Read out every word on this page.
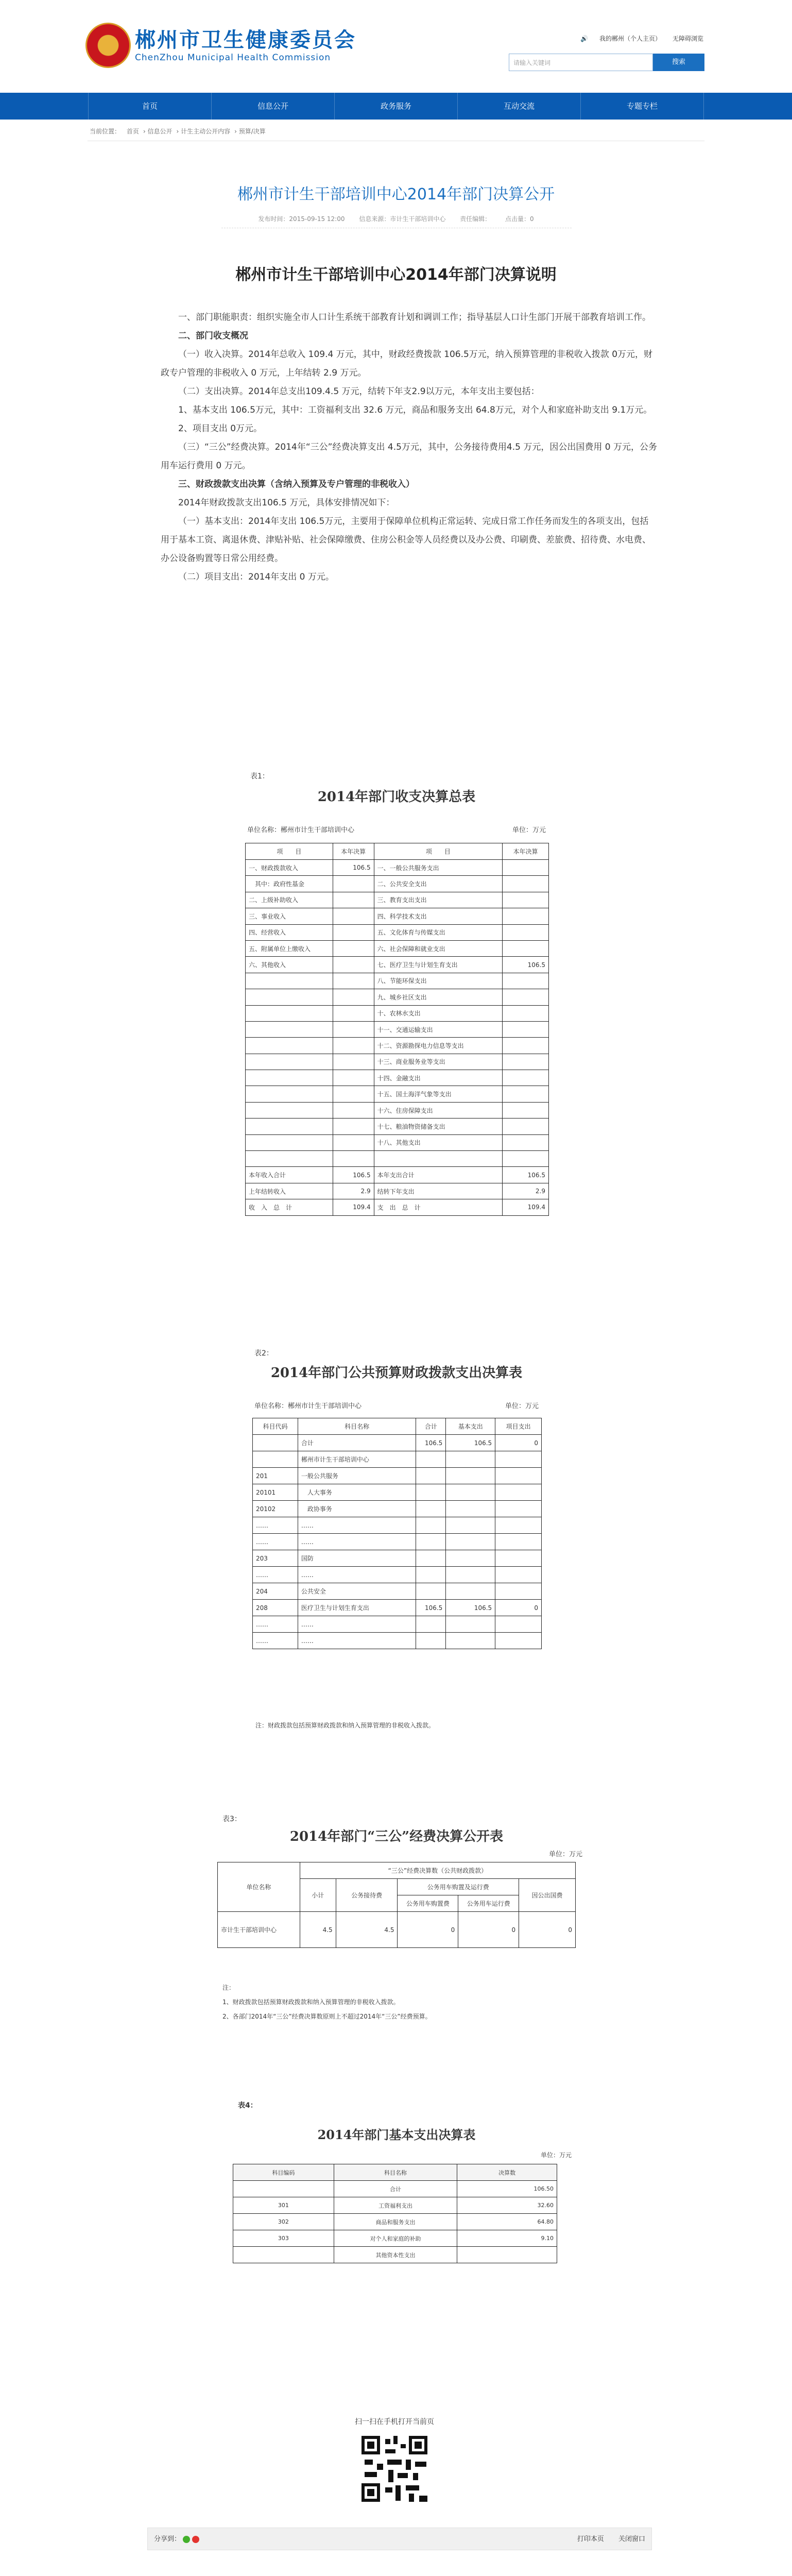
郴州市卫生健康委员会
ChenZhou Municipal Health Commission
🔊 我的郴州（个人主页） 无障碍浏览
请输入关键词	搜索
首页	信息公开	政务服务	互动交流	专题专栏
当前位置： 首页 › 信息公开 › 计生主动公开内容 › 预算/决算
郴州市计生干部培训中心2014年部门决算公开
发布时间：2015-09-15 12:00 信息来源：市计生干部培训中心 责任编辑： 点击量：0
郴州市计生干部培训中心2014年部门决算说明

一、部门职能职责：组织实施全市人口计生系统干部教育计划和调训工作；指导基层人口计生部门开展干部教育培训工作。

二、部门收支概况

（一）收入决算。2014年总收入 109.4 万元，其中，财政经费拨款 106.5万元，纳入预算管理的非税收入拨款 0万元，财政专户管理的非税收入 0 万元，上年结转 2.9 万元。

（二）支出决算。2014年总支出109.4.5 万元，结转下年支2.9以万元，本年支出主要包括：

1、基本支出 106.5万元，其中：工资福利支出 32.6 万元，商品和服务支出 64.8万元，对个人和家庭补助支出 9.1万元。

2、项目支出 0万元。

（三）“三公”经费决算。2014年“三公”经费决算支出 4.5万元，其中，公务接待费用4.5 万元，因公出国费用 0 万元，公务用车运行费用 0 万元。

三、财政拨款支出决算（含纳入预算及专户管理的非税收入）

2014年财政拨款支出106.5 万元，具体安排情况如下：

（一）基本支出：2014年支出 106.5万元，主要用于保障单位机构正常运转、完成日常工作任务而发生的各项支出，包括用于基本工资、离退休费、津贴补贴、社会保障缴费、住房公积金等人员经费以及办公费、印刷费、差旅费、招待费、水电费、办公设备购置等日常公用经费。

（二）项目支出：2014年支出 0 万元。

表1：
2014年部门收支决算总表
单位名称：郴州市计生干部培训中心	单位：万元
项　　目	本年决算	项　　目	本年决算
一、财政拨款收入	106.5	一、一般公共服务支出	
　其中：政府性基金		二、公共安全支出	
二、上级补助收入		三、教育支出支出	
三、事业收入		四、科学技术支出	
四、经营收入		五、文化体育与传媒支出	
五、附属单位上缴收入		六、社会保障和就业支出	
六、其他收入		七、医疗卫生与计划生育支出	106.5
		八、节能环保支出	
		九、城乡社区支出	
		十、农林水支出	
		十一、交通运输支出	
		十二、资源勘探电力信息等支出	
		十三、商业服务业等支出	
		十四、金融支出	
		十五、国土海洋气象等支出	
		十六、住房保障支出	
		十七、粮油物资储备支出	
		十八、其他支出	

本年收入合计	106.5	本年支出合计	106.5
上年结转收入	2.9	结转下年支出	2.9
收　入　总　计	109.4	支　出　总　计	109.4
表2：
2014年部门公共预算财政拨款支出决算表
单位名称：郴州市计生干部培训中心	单位：万元
科目代码	科目名称	合计	基本支出	项目支出
	合计	106.5	106.5	0
	郴州市计生干部培训中心			
201	一般公共服务			
20101	　人大事务			
20102	　政协事务			
……	……			
……	……			
203	国防			
……	……			
204	公共安全			
208	医疗卫生与计划生育支出	106.5	106.5	0
……	……			
……	……			
注：财政拨款包括预算财政拨款和纳入预算管理的非税收入拨款。
表3：
2014年部门“三公”经费决算公开表
单位：万元
单位名称	“三公”经费决算数（公共财政拨款）				
	小计	公务接待费	公务用车购置及运行费		因公出国费
			公务用车购置费	公务用车运行费	
市计生干部培训中心	4.5	4.5	0	0	0
注：
1、财政拨款包括预算财政拨款和纳入预算管理的非税收入拨款。
2、各部门2014年“三公”经费决算数原则上不超过2014年“三公”经费预算。
表4：
2014年部门基本支出决算表
单位：万元
科目编码	科目名称	决算数
	合计	106.50
301	工资福利支出	32.60
302	商品和服务支出	64.80
303	对个人和家庭的补助	9.10
	其他资本性支出	
扫一扫在手机打开当前页
分享到：	打印本页 关闭窗口
